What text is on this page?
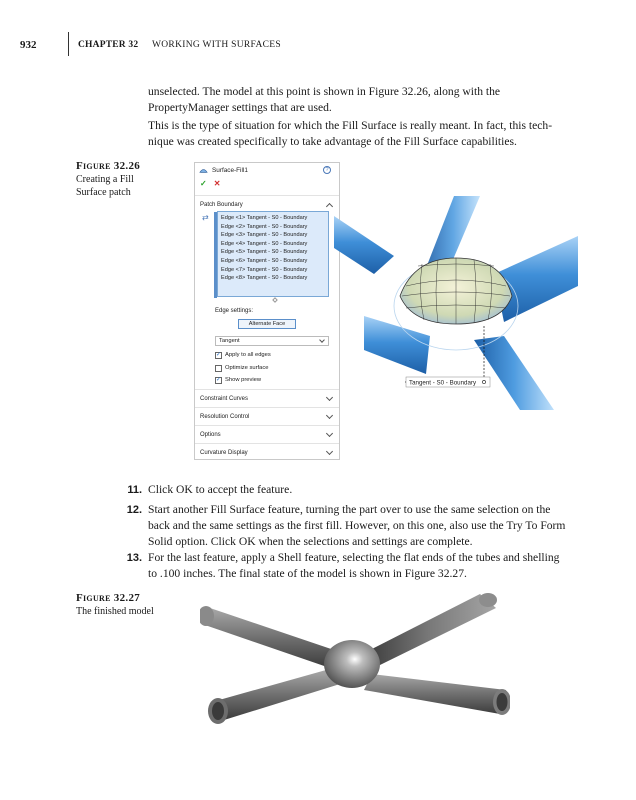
932	CHAPTER 32 WORKING WITH SURFACES
unselected. The model at this point is shown in Figure 32.26, along with the
PropertyManager settings that are used.
This is the type of situation for which the Fill Surface is really meant. In fact, this tech-
nique was created specifically to take advantage of the Fill Surface capabilities.
Figure 32.26
Creating a Fill
Surface patch
Surface-Fill1	?
✓ ✕
Patch Boundary
⇄ Edge <1> Tangent - S0 - Boundary
Edge <2> Tangent - S0 - Boundary
Edge <3> Tangent - S0 - Boundary
Edge <4> Tangent - S0 - Boundary
Edge <5> Tangent - S0 - Boundary
Edge <6> Tangent - S0 - Boundary
Edge <7> Tangent - S0 - Boundary
Edge <8> Tangent - S0 - Boundary
Edge settings:
Alternate Face
Tangent
✓ Apply to all edges
Optimize surface
✓ Show preview
Constraint Curves
Resolution Control
Options
Curvature Display
Tangent - S0 - Boundary
11. Click OK to accept the feature.
12. Start another Fill Surface feature, turning the part over to use the same selection on the
back and the same settings as the first fill. However, on this one, also use the Try To Form
Solid option. Click OK when the selections and settings are complete.
13. For the last feature, apply a Shell feature, selecting the flat ends of the tubes and shelling
to .100 inches. The final state of the model is shown in Figure 32.27.
Figure 32.27
The finished model
